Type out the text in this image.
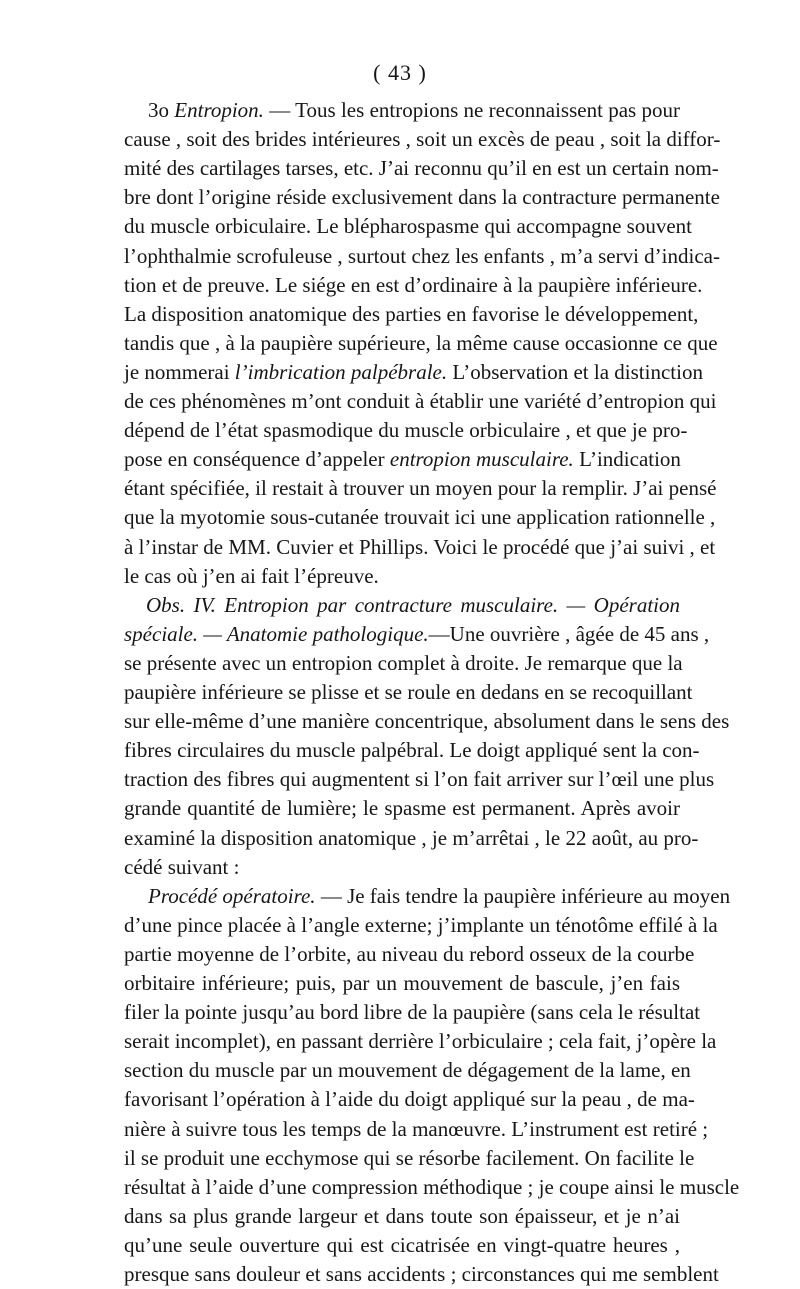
( 43 )
3o Entropion. — Tous les entropions ne reconnaissent pas pour
cause , soit des brides intérieures , soit un excès de peau , soit la diffor-
mité des cartilages tarses, etc. J’ai reconnu qu’il en est un certain nom-
bre dont l’origine réside exclusivement dans la contracture permanente
du muscle orbiculaire. Le blépharospasme qui accompagne souvent
l’ophthalmie scrofuleuse , surtout chez les enfants , m’a servi d’indica-
tion et de preuve. Le siége en est d’ordinaire à la paupière inférieure.
La disposition anatomique des parties en favorise le développement,
tandis que , à la paupière supérieure, la même cause occasionne ce que
je nommerai l’imbrication palpébrale. L’observation et la distinction
de ces phénomènes m’ont conduit à établir une variété d’entropion qui
dépend de l’état spasmodique du muscle orbiculaire , et que je pro-
pose en conséquence d’appeler entropion musculaire. L’indication
étant spécifiée, il restait à trouver un moyen pour la remplir. J’ai pensé
que la myotomie sous-cutanée trouvait ici une application rationnelle ,
à l’instar de MM. Cuvier et Phillips. Voici le procédé que j’ai suivi , et
le cas où j’en ai fait l’épreuve.
Obs. IV. Entropion par contracture musculaire. — Opération
spéciale. — Anatomie pathologique.—Une ouvrière , âgée de 45 ans ,
se présente avec un entropion complet à droite. Je remarque que la
paupière inférieure se plisse et se roule en dedans en se recoquillant
sur elle-même d’une manière concentrique, absolument dans le sens des
fibres circulaires du muscle palpébral. Le doigt appliqué sent la con-
traction des fibres qui augmentent si l’on fait arriver sur l’œil une plus
grande quantité de lumière; le spasme est permanent. Après avoir
examiné la disposition anatomique , je m’arrêtai , le 22 août, au pro-
cédé suivant :
Procédé opératoire. — Je fais tendre la paupière inférieure au moyen
d’une pince placée à l’angle externe; j’implante un ténotôme effilé à la
partie moyenne de l’orbite, au niveau du rebord osseux de la courbe
orbitaire inférieure; puis, par un mouvement de bascule, j’en fais
filer la pointe jusqu’au bord libre de la paupière (sans cela le résultat
serait incomplet), en passant derrière l’orbiculaire ; cela fait, j’opère la
section du muscle par un mouvement de dégagement de la lame, en
favorisant l’opération à l’aide du doigt appliqué sur la peau , de ma-
nière à suivre tous les temps de la manœuvre. L’instrument est retiré ;
il se produit une ecchymose qui se résorbe facilement. On facilite le
résultat à l’aide d’une compression méthodique ; je coupe ainsi le muscle
dans sa plus grande largeur et dans toute son épaisseur, et je n’ai
qu’une seule ouverture qui est cicatrisée en vingt-quatre heures ,
presque sans douleur et sans accidents ; circonstances qui me semblent
